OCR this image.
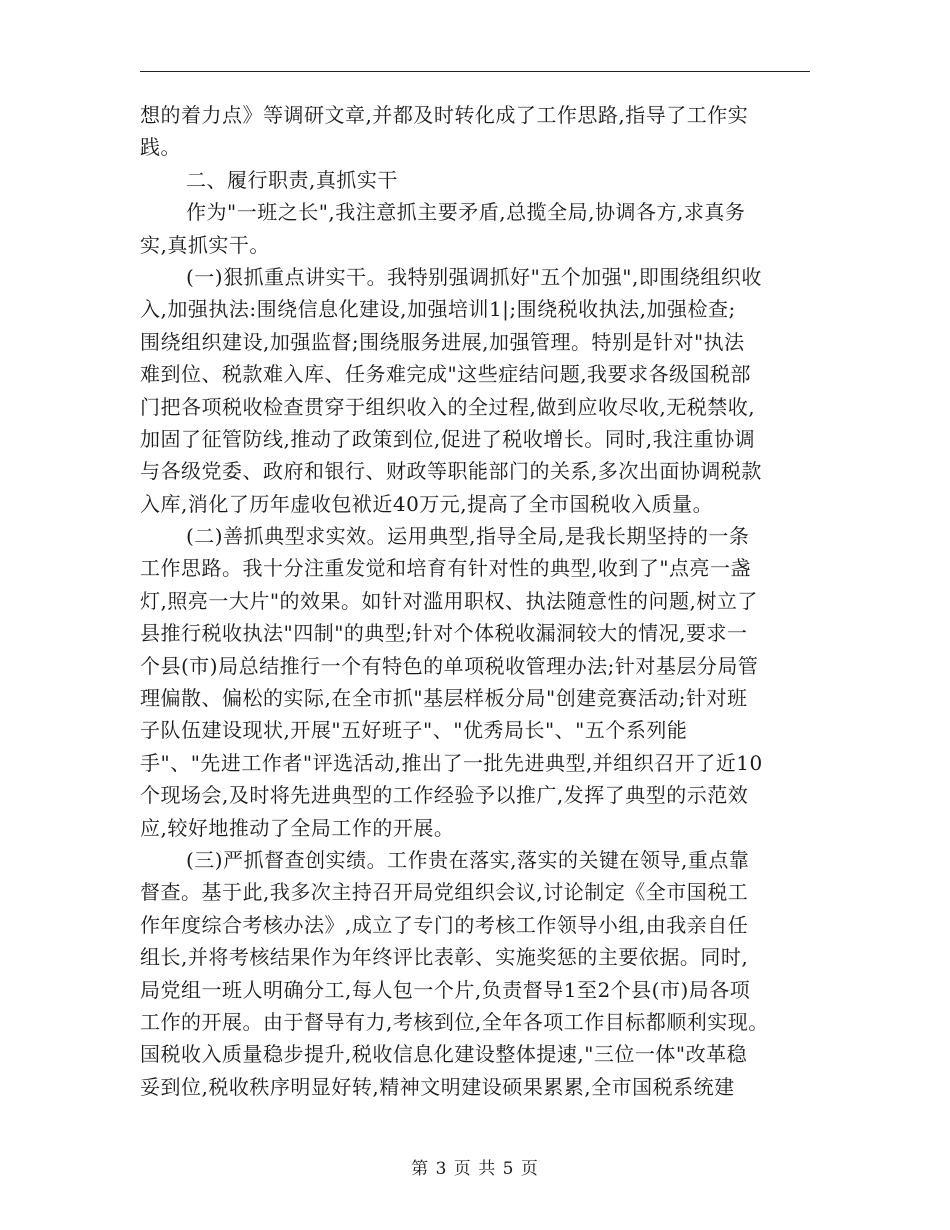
想的着力点》等调研文章,并都及时转化成了工作思路,指导了工作实
践。
二、履行职责,真抓实干
作为"一班之长",我注意抓主要矛盾,总揽全局,协调各方,求真务
实,真抓实干。
(一)狠抓重点讲实干。我特别强调抓好"五个加强",即围绕组织收
入,加强执法:围绕信息化建设,加强培训1|;围绕税收执法,加强检查;
围绕组织建设,加强监督;围绕服务进展,加强管理。特别是针对"执法
难到位、税款难入库、任务难完成"这些症结问题,我要求各级国税部
门把各项税收检查贯穿于组织收入的全过程,做到应收尽收,无税禁收,
加固了征管防线,推动了政策到位,促进了税收增长。同时,我注重协调
与各级党委、政府和银行、财政等职能部门的关系,多次出面协调税款
入库,消化了历年虚收包袱近40万元,提高了全市国税收入质量。
(二)善抓典型求实效。运用典型,指导全局,是我长期坚持的一条
工作思路。我十分注重发觉和培育有针对性的典型,收到了"点亮一盏
灯,照亮一大片"的效果。如针对滥用职权、执法随意性的问题,树立了
县推行税收执法"四制"的典型;针对个体税收漏洞较大的情况,要求一
个县(市)局总结推行一个有特色的单项税收管理办法;针对基层分局管
理偏散、偏松的实际,在全市抓"基层样板分局"创建竞赛活动;针对班
子队伍建设现状,开展"五好班子"、"优秀局长"、"五个系列能
手"、"先进工作者"评选活动,推出了一批先进典型,并组织召开了近10
个现场会,及时将先进典型的工作经验予以推广,发挥了典型的示范效
应,较好地推动了全局工作的开展。
(三)严抓督查创实绩。工作贵在落实,落实的关键在领导,重点靠
督查。基于此,我多次主持召开局党组织会议,讨论制定《全市国税工
作年度综合考核办法》,成立了专门的考核工作领导小组,由我亲自任
组长,并将考核结果作为年终评比表彰、实施奖惩的主要依据。同时,
局党组一班人明确分工,每人包一个片,负责督导1至2个县(市)局各项
工作的开展。由于督导有力,考核到位,全年各项工作目标都顺利实现。
国税收入质量稳步提升,税收信息化建设整体提速,"三位一体"改革稳
妥到位,税收秩序明显好转,精神文明建设硕果累累,全市国税系统建
第 3 页 共 5 页
